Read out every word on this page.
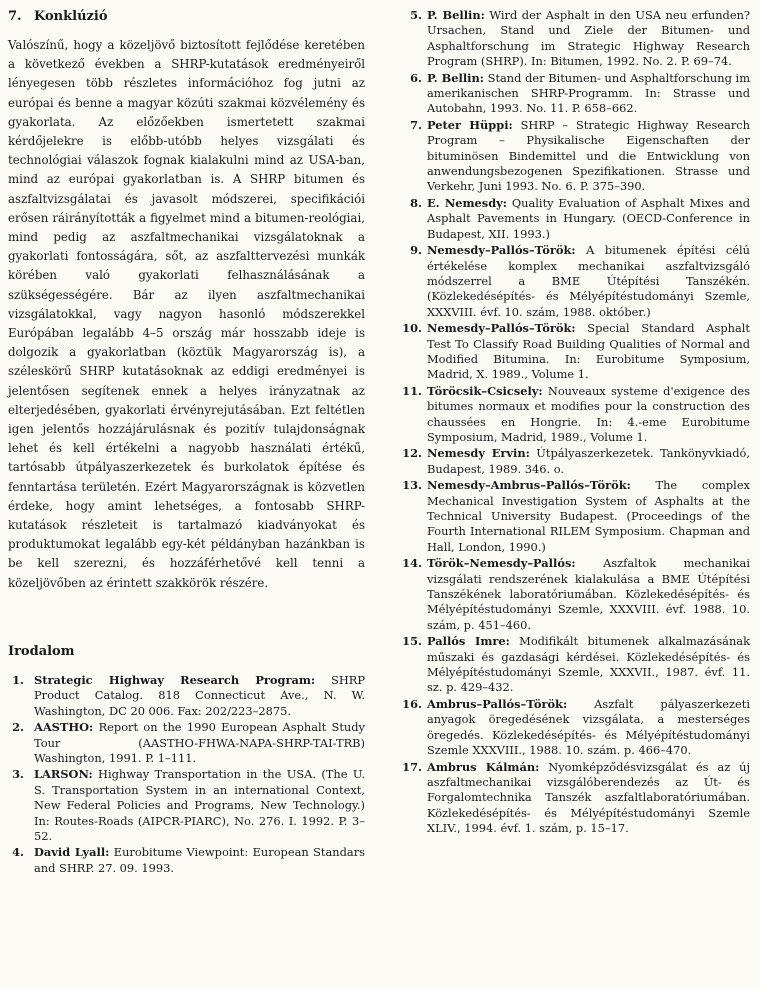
7. Konklúzió

Valószínű, hogy a közeljövő biztosított fejlődése keretében a következő években a SHRP-kutatások eredményeiről lényegesen több részletes információhoz fog jutni az európai és benne a magyar közúti szakmai közvélemény és gyakorlata. Az előzőekben ismertetett szakmai kérdőjelekre is előbb-utóbb helyes vizsgálati és technológiai válaszok fognak kialakulni mind az USA-ban, mind az európai gyakorlatban is. A SHRP bitumen és aszfaltvizsgálatai és javasolt módszerei, specifikációi erősen ráirányították a figyelmet mind a bitumen-reológiai, mind pedig az aszfaltmechanikai vizsgálatoknak a gyakorlati fontosságára, sőt, az aszfalttervezési munkák körében való gyakorlati felhasználásának a szükségességére. Bár az ilyen aszfaltmechanikai vizsgálatokkal, vagy nagyon hasonló módszerekkel Európában legalább 4–5 ország már hosszabb ideje is dolgozik a gyakorlatban (köztük Magyarország is), a széleskörű SHRP kutatásoknak az eddigi eredményei is jelentősen segítenek ennek a helyes irányzatnak az elterjedésében, gyakorlati érvényrejutásában. Ezt feltétlen igen jelentős hozzájárulásnak és pozitív tulajdonságnak lehet és kell értékelni a nagyobb használati értékű, tartósabb útpályaszerkezetek és burkolatok építése és fenntartása területén. Ezért Magyarországnak is közvetlen érdeke, hogy amint lehetséges, a fontosabb SHRP-kutatások részleteit is tartalmazó kiadványokat és produktumokat legalább egy-két példányban hazánkban is be kell szerezni, és hozzáférhetővé kell tenni a közeljövőben az érintett szakkörök részére.

Irodalom
1. Strategic Highway Research Program: SHRP Product Catalog. 818 Connecticut Ave., N. W. Washington, DC 20 006. Fax: 202/223–2875.
2. AASTHO: Report on the 1990 European Asphalt Study Tour (AASTHO-FHWA-NAPA-SHRP-TAI-TRB) Washington, 1991. P. 1–111.
3. LARSON: Highway Transportation in the USA. (The U. S. Transportation System in an international Context, New Federal Policies and Programs, New Technology.) In: Routes-Roads (AIPCR-PIARC), No. 276. I. 1992. P. 3–52.
4. David Lyall: Eurobitume Viewpoint: European Standars and SHRP. 27. 09. 1993.
5. P. Bellin: Wird der Asphalt in den USA neu erfunden? Ursachen, Stand und Ziele der Bitumen- und Asphaltforschung im Strategic Highway Research Program (SHRP). In: Bitumen, 1992. No. 2. P. 69–74.
6. P. Bellin: Stand der Bitumen- und Asphaltforschung im amerikanischen SHRP-Programm. In: Strasse und Autobahn, 1993. No. 11. P. 658–662.
7. Peter Hüppi: SHRP – Strategic Highway Research Program – Physikalische Eigenschaften der bituminösen Bindemittel und die Entwicklung von anwendungsbezogenen Spezifikationen. Strasse und Verkehr, Juni 1993. No. 6. P. 375–390.
8. E. Nemesdy: Quality Evaluation of Asphalt Mixes and Asphalt Pavements in Hungary. (OECD-Conference in Budapest, XII. 1993.)
9. Nemesdy–Pallós–Török: A bitumenek építési célú értékelése komplex mechanikai aszfaltvizsgáló módszerrel a BME Útépítési Tanszékén. (Közlekedésépítés- és Mélyépítéstudományi Szemle, XXXVIII. évf. 10. szám, 1988. október.)
10. Nemesdy–Pallós–Török: Special Standard Asphalt Test To Classify Road Building Qualities of Normal and Modified Bitumina. In: Eurobitume Symposium, Madrid, X. 1989., Volume 1.
11. Töröcsik–Csicsely: Nouveaux systeme d'exigence des bitumes normaux et modifies pour la construction des chaussées en Hongrie. In: 4.-eme Eurobitume Symposium, Madrid, 1989., Volume 1.
12. Nemesdy Ervin: Útpályaszerkezetek. Tankönyvkiadó, Budapest, 1989. 346. o.
13. Nemesdy–Ambrus–Pallós–Török: The complex Mechanical Investigation System of Asphalts at the Technical University Budapest. (Proceedings of the Fourth International RILEM Symposium. Chapman and Hall, London, 1990.)
14. Török–Nemesdy–Pallós: Aszfaltok mechanikai vizsgálati rendszerének kialakulása a BME Útépítési Tanszékének laboratóriumában. Közlekedésépítés- és Mélyépítéstudományi Szemle, XXXVIII. évf. 1988. 10. szám, p. 451–460.
15. Pallós Imre: Modifikált bitumenek alkalmazásának műszaki és gazdasági kérdései. Közlekedésépítés- és Mélyépítéstudományi Szemle, XXXVII., 1987. évf. 11. sz. p. 429–432.
16. Ambrus–Pallós–Török: Aszfalt pályaszerkezeti anyagok öregedésének vizsgálata, a mesterséges öregedés. Közlekedésépítés- és Mélyépítéstudományi Szemle XXXVIII., 1988. 10. szám. p. 466–470.
17. Ambrus Kálmán: Nyomképződésvizsgálat és az új aszfaltmechanikai vizsgálóberendezés az Út- és Forgalomtechnika Tanszék aszfaltlaboratóriumában. Közlekedésépítés- és Mélyépítéstudományi Szemle XLIV., 1994. évf. 1. szám, p. 15–17.
